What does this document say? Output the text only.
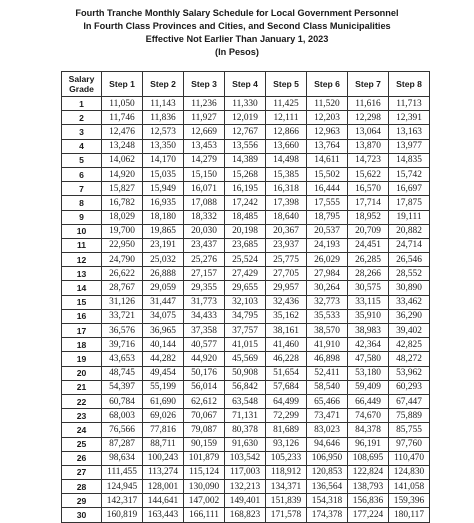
Fourth Tranche Monthly Salary Schedule for Local Government Personnel
In Fourth Class Provinces and Cities, and Second Class Municipalities
Effective Not Earlier Than January 1, 2023
(In Pesos)
Salary Grade	Step 1	Step 2	Step 3	Step 4	Step 5	Step 6	Step 7	Step 8
1	11,050	11,143	11,236	11,330	11,425	11,520	11,616	11,713
2	11,746	11,836	11,927	12,019	12,111	12,203	12,298	12,391
3	12,476	12,573	12,669	12,767	12,866	12,963	13,064	13,163
4	13,248	13,350	13,453	13,556	13,660	13,764	13,870	13,977
5	14,062	14,170	14,279	14,389	14,498	14,611	14,723	14,835
6	14,920	15,035	15,150	15,268	15,385	15,502	15,622	15,742
7	15,827	15,949	16,071	16,195	16,318	16,444	16,570	16,697
8	16,782	16,935	17,088	17,242	17,398	17,555	17,714	17,875
9	18,029	18,180	18,332	18,485	18,640	18,795	18,952	19,111
10	19,700	19,865	20,030	20,198	20,367	20,537	20,709	20,882
11	22,950	23,191	23,437	23,685	23,937	24,193	24,451	24,714
12	24,790	25,032	25,276	25,524	25,775	26,029	26,285	26,546
13	26,622	26,888	27,157	27,429	27,705	27,984	28,266	28,552
14	28,767	29,059	29,355	29,655	29,957	30,264	30,575	30,890
15	31,126	31,447	31,773	32,103	32,436	32,773	33,115	33,462
16	33,721	34,075	34,433	34,795	35,162	35,533	35,910	36,290
17	36,576	36,965	37,358	37,757	38,161	38,570	38,983	39,402
18	39,716	40,144	40,577	41,015	41,460	41,910	42,364	42,825
19	43,653	44,282	44,920	45,569	46,228	46,898	47,580	48,272
20	48,745	49,454	50,176	50,908	51,654	52,411	53,180	53,962
21	54,397	55,199	56,014	56,842	57,684	58,540	59,409	60,293
22	60,784	61,690	62,612	63,548	64,499	65,466	66,449	67,447
23	68,003	69,026	70,067	71,131	72,299	73,471	74,670	75,889
24	76,566	77,816	79,087	80,378	81,689	83,023	84,378	85,755
25	87,287	88,711	90,159	91,630	93,126	94,646	96,191	97,760
26	98,634	100,243	101,879	103,542	105,233	106,950	108,695	110,470
27	111,455	113,274	115,124	117,003	118,912	120,853	122,824	124,830
28	124,945	128,001	130,090	132,213	134,371	136,564	138,793	141,058
29	142,317	144,641	147,002	149,401	151,839	154,318	156,836	159,396
30	160,819	163,443	166,111	168,823	171,578	174,378	177,224	180,117
